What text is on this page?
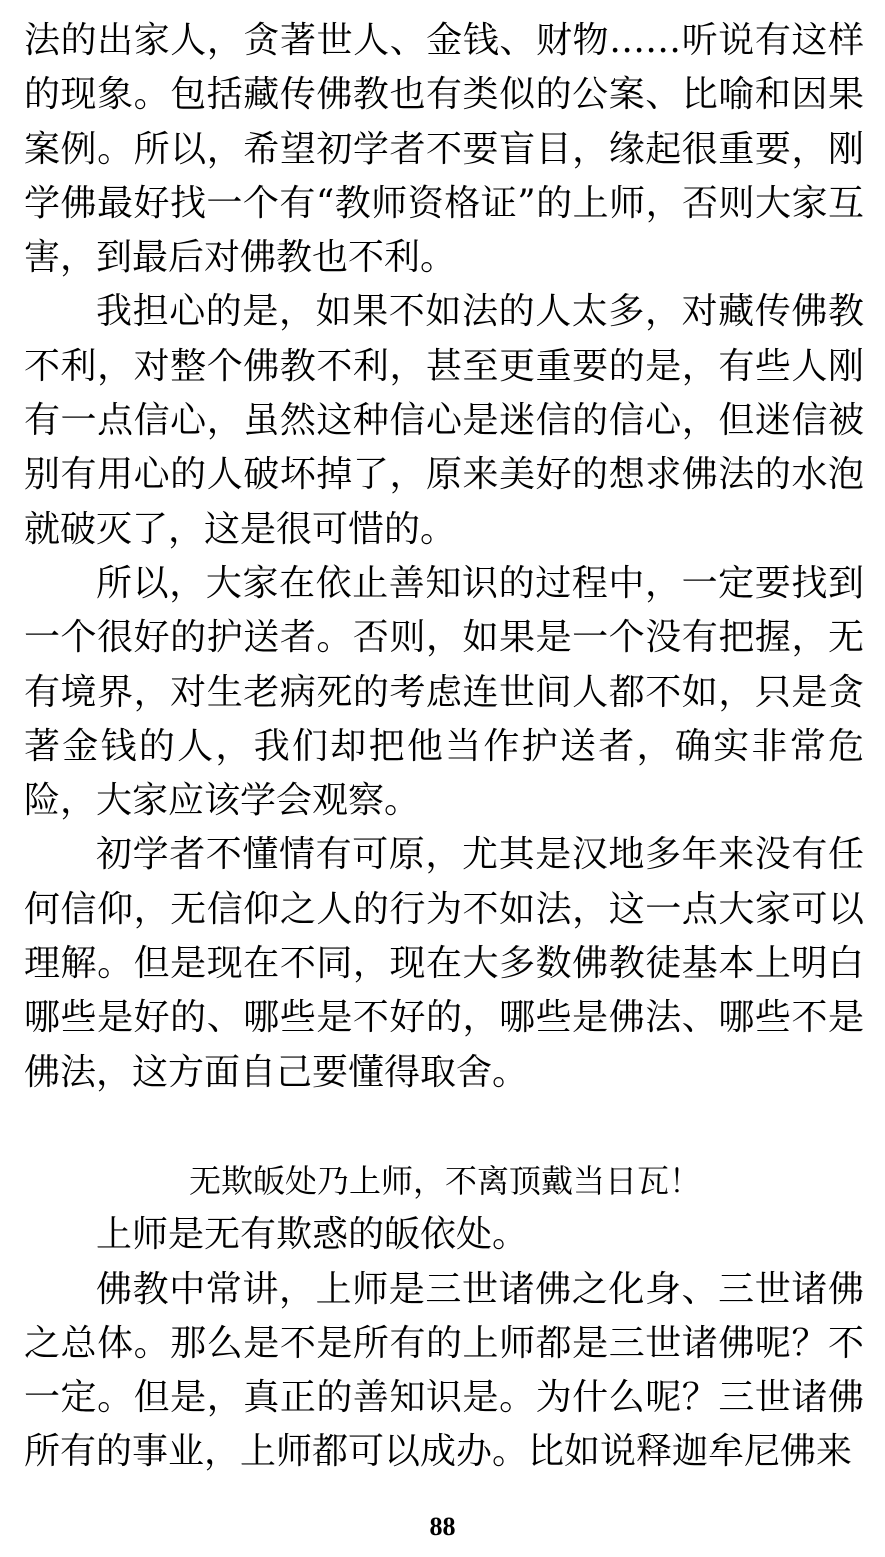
法的出家人，贪著世人、金钱、财物……听说有这样的现象。包括藏传佛教也有类似的公案、比喻和因果案例。所以，希望初学者不要盲目，缘起很重要，刚学佛最好找一个有“教师资格证”的上师，否则大家互害，到最后对佛教也不利。

我担心的是，如果不如法的人太多，对藏传佛教不利，对整个佛教不利，甚至更重要的是，有些人刚有一点信心，虽然这种信心是迷信的信心，但迷信被别有用心的人破坏掉了，原来美好的想求佛法的水泡就破灭了，这是很可惜的。

所以，大家在依止善知识的过程中，一定要找到一个很好的护送者。否则，如果是一个没有把握，无有境界，对生老病死的考虑连世间人都不如，只是贪著金钱的人，我们却把他当作护送者，确实非常危险，大家应该学会观察。

初学者不懂情有可原，尤其是汉地多年来没有任何信仰，无信仰之人的行为不如法，这一点大家可以理解。但是现在不同，现在大多数佛教徒基本上明白哪些是好的、哪些是不好的，哪些是佛法、哪些不是佛法，这方面自己要懂得取舍。

无欺皈处乃上师，不离顶戴当日瓦！

上师是无有欺惑的皈依处。

佛教中常讲，上师是三世诸佛之化身、三世诸佛之总体。那么是不是所有的上师都是三世诸佛呢？不一定。但是，真正的善知识是。为什么呢？三世诸佛所有的事业，上师都可以成办。比如说释迦牟尼佛来

88
